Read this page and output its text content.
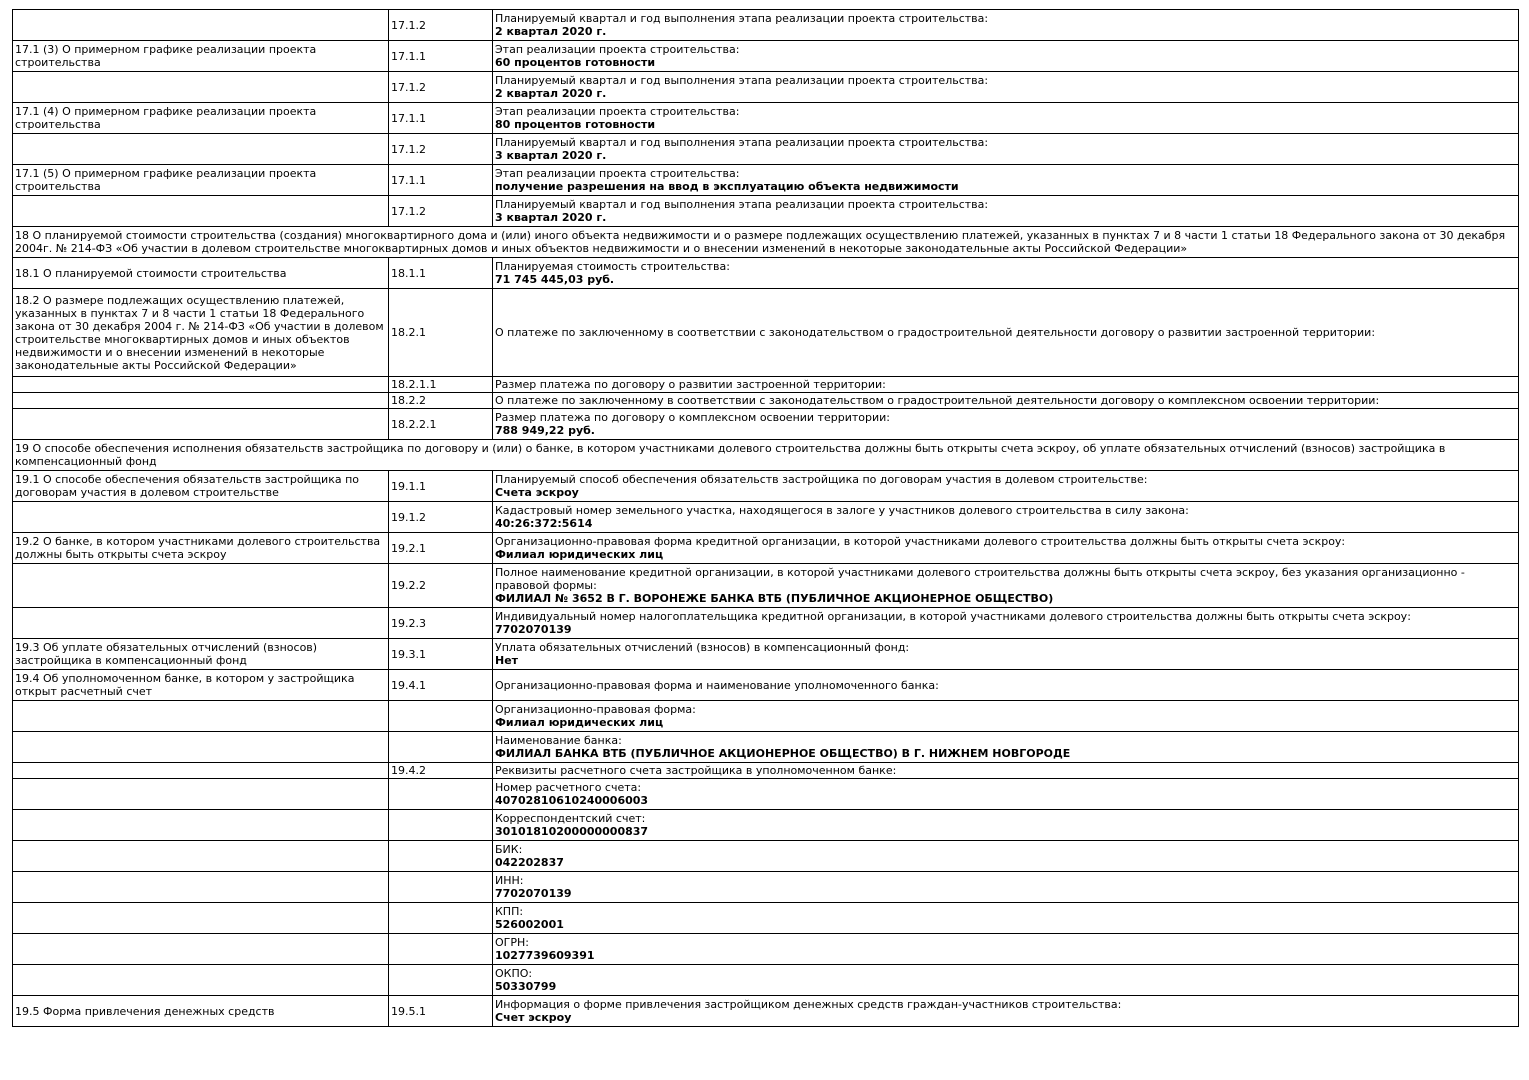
	17.1.2	Планируемый квартал и год выполнения этапа реализации проекта строительства:
2 квартал 2020 г.

17.1 (3) О примерном графике реализации проекта строительства	17.1.1	Этап реализации проекта строительства:
60 процентов готовности

	17.1.2	Планируемый квартал и год выполнения этапа реализации проекта строительства:
2 квартал 2020 г.

17.1 (4) О примерном графике реализации проекта строительства	17.1.1	Этап реализации проекта строительства:
80 процентов готовности

	17.1.2	Планируемый квартал и год выполнения этапа реализации проекта строительства:
3 квартал 2020 г.

17.1 (5) О примерном графике реализации проекта строительства	17.1.1	Этап реализации проекта строительства:
получение разрешения на ввод в эксплуатацию объекта недвижимости

	17.1.2	Планируемый квартал и год выполнения этапа реализации проекта строительства:
3 квартал 2020 г.

18 О планируемой стоимости строительства (создания) многоквартирного дома и (или) иного объекта недвижимости и о размере подлежащих осуществлению платежей, указанных в пунктах 7 и 8 части 1 статьи 18 Федерального закона от 30 декабря 2004г. № 214-ФЗ «Об участии в долевом строительстве многоквартирных домов и иных объектов недвижимости и о внесении изменений в некоторые законодательные акты Российской Федерации»		
18.1 О планируемой стоимости строительства	18.1.1	Планируемая стоимость строительства:
71 745 445,03 руб.

18.2 О размере подлежащих осуществлению платежей, указанных в пунктах 7 и 8 части 1 статьи 18 Федерального закона от 30 декабря 2004 г. № 214-ФЗ «Об участии в долевом строительстве многоквартирных домов и иных объектов недвижимости и о внесении изменений в некоторые законодательные акты Российской Федерации»	18.2.1	О платеже по заключенному в соответствии с законодательством о градостроительной деятельности договору о развитии застроенной территории:

	18.2.1.1	Размер платежа по договору о развитии застроенной территории:

	18.2.2	О платеже по заключенному в соответствии с законодательством о градостроительной деятельности договору о комплексном освоении территории:

	18.2.2.1	Размер платежа по договору о комплексном освоении территории:
788 949,22 руб.

19 О способе обеспечения исполнения обязательств застройщика по договору и (или) о банке, в котором участниками долевого строительства должны быть открыты счета эскроу, об уплате обязательных отчислений (взносов) застройщика в компенсационный фонд		
19.1 О способе обеспечения обязательств застройщика по договорам участия в долевом строительстве	19.1.1	Планируемый способ обеспечения обязательств застройщика по договорам участия в долевом строительстве:
Счета эскроу

	19.1.2	Кадастровый номер земельного участка, находящегося в залоге у участников долевого строительства в силу закона:
40:26:372:5614

19.2 О банке, в котором участниками долевого строительства должны быть открыты счета эскроу	19.2.1	Организационно-правовая форма кредитной организации, в которой участниками долевого строительства должны быть открыты счета эскроу:
Филиал юридических лиц

	19.2.2	Полное наименование кредитной организации, в которой участниками долевого строительства должны быть открыты счета эскроу, без указания организационно - правовой формы:
ФИЛИАЛ № 3652 В Г. ВОРОНЕЖЕ БАНКА ВТБ (ПУБЛИЧНОЕ АКЦИОНЕРНОЕ ОБЩЕСТВО)

	19.2.3	Индивидуальный номер налогоплательщика кредитной организации, в которой участниками долевого строительства должны быть открыты счета эскроу:
7702070139

19.3 Об уплате обязательных отчислений (взносов) застройщика в компенсационный фонд	19.3.1	Уплата обязательных отчислений (взносов) в компенсационный фонд:
Нет

19.4 Об уполномоченном банке, в котором у застройщика открыт расчетный счет	19.4.1	Организационно-правовая форма и наименование уполномоченного банка:

		Организационно-правовая форма:
Филиал юридических лиц

		Наименование банка:
ФИЛИАЛ БАНКА ВТБ (ПУБЛИЧНОЕ АКЦИОНЕРНОЕ ОБЩЕСТВО) В Г. НИЖНЕМ НОВГОРОДЕ

	19.4.2	Реквизиты расчетного счета застройщика в уполномоченном банке:

		Номер расчетного счета:
40702810610240006003

		Корреспондентский счет:
30101810200000000837

		БИК:
042202837

		ИНН:
7702070139

		КПП:
526002001

		ОГРН:
1027739609391

		ОКПО:
50330799

19.5 Форма привлечения денежных средств	19.5.1	Информация о форме привлечения застройщиком денежных средств граждан-участников строительства:
Счет эскроу
